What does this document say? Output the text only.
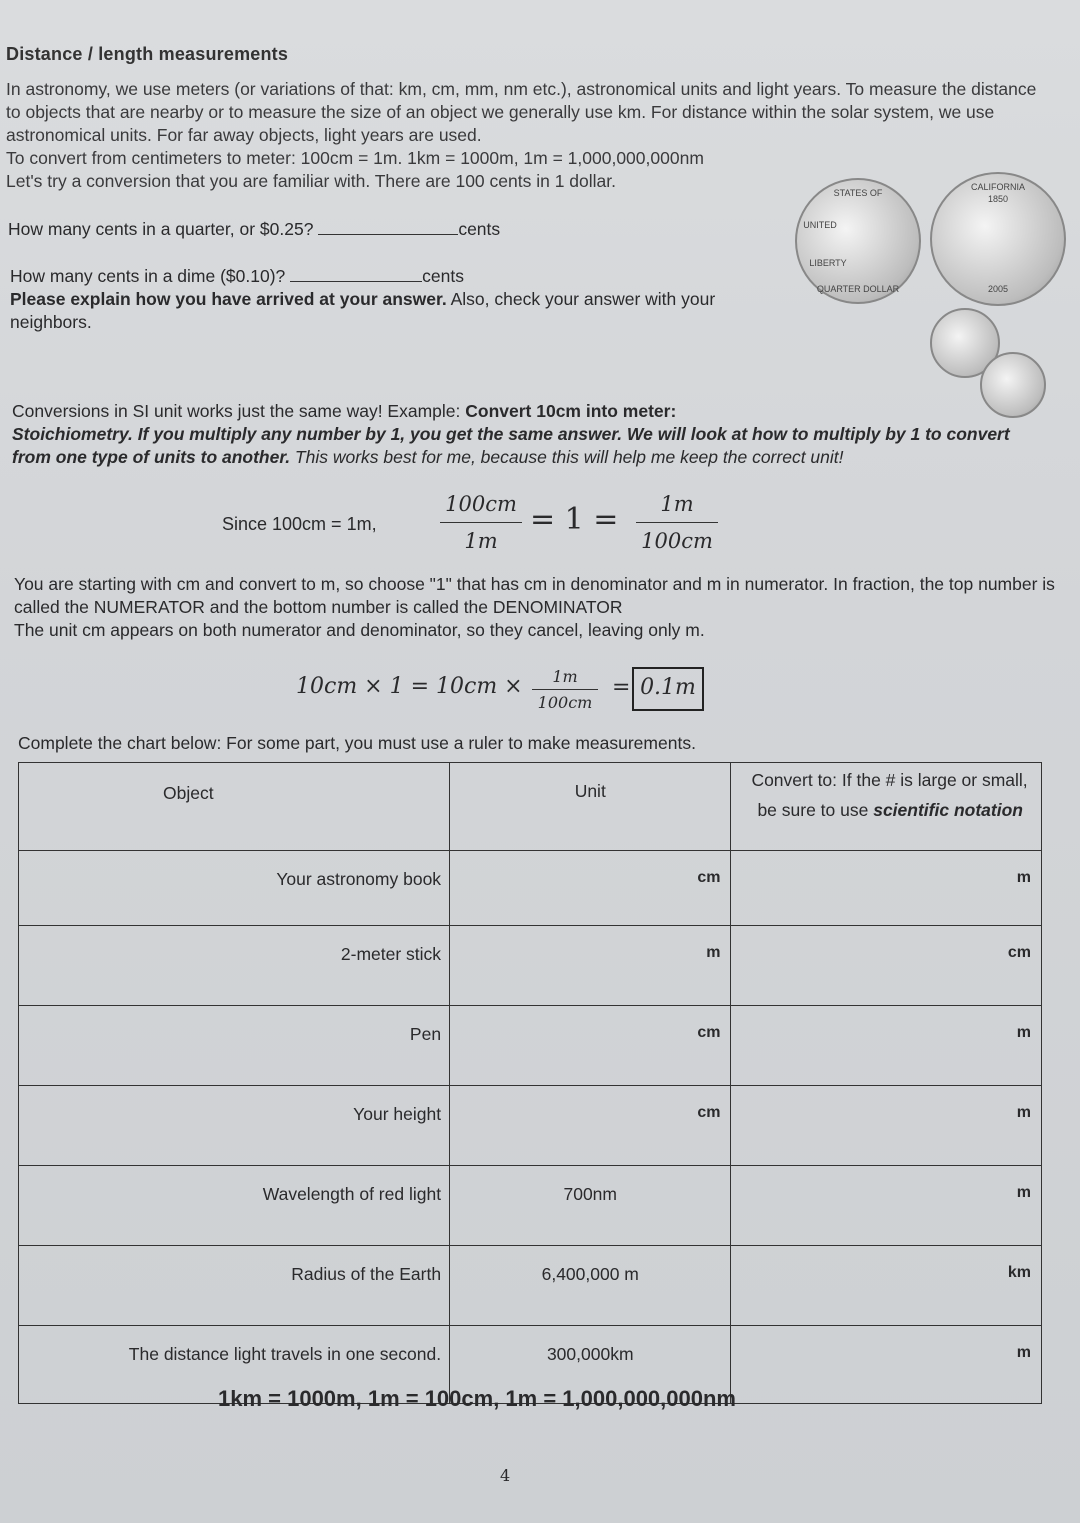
Distance / length measurements

In astronomy, we use meters (or variations of that: km, cm, mm, nm etc.), astronomical units and light years. To measure the distance to objects that are nearby or to measure the size of an object we generally use km. For distance within the solar system, we use astronomical units. For far away objects, light years are used.

To convert from centimeters to meter: 100cm = 1m. 1km = 1000m, 1m = 1,000,000,000nm

Let's try a conversion that you are familiar with. There are 100 cents in 1 dollar.

How many cents in a quarter, or $0.25?	cents
How many cents in a dime ($0.10)?	cents
Please explain how you have arrived at your answer. Also, check your answer with your neighbors.
STATES OF
UNITED
LIBERTY
QUARTER DOLLAR
CALIFORNIA
1850
2005

Conversions in SI unit works just the same way! Example: Convert 10cm into meter:

Stoichiometry. If you multiply any number by 1, you get the same answer. We will look at how to multiply by 1 to convert from one type of units to another. This works best for me, because this will help me keep the correct unit!

Since 100cm = 1m,	$\frac{100cm}{1m} = 1 = \frac{1m}{100cm}$

You are starting with cm and convert to m, so choose "1" that has cm in denominator and m in numerator. In fraction, the top number is called the NUMERATOR and the bottom number is called the DENOMINATOR

The unit cm appears on both numerator and denominator, so they cancel, leaving only m.

$10cm \times 1 = 10cm \times \frac{1m}{100cm} = 0.1m$
Complete the chart below: For some part, you must use a ruler to make measurements.
Object	Unit	Convert to: If the # is large or small,
be sure to use scientific notation

Your astronomy book	cm	m
2-meter stick	m	cm
Pen	cm	m
Your height	cm	m
Wavelength of red light	700nm	m
Radius of the Earth	6,400,000 m	km
The distance light travels in one second.	300,000km	m
1km = 1000m, 1m = 100cm, 1m = 1,000,000,000nm
4
